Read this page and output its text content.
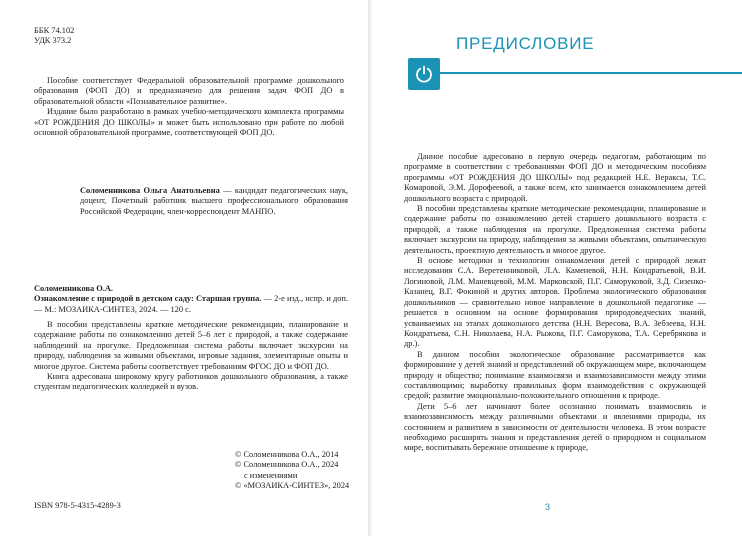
ББК 74.102

УДК 373.2

Пособие соответствует Федеральной образовательной программе дошкольного образования (ФОП ДО) и предназначено для решения задач ФОП ДО в образовательной области «Познавательное развитие».

Издание было разработано в рамках учебно-методического комплекта программы «ОТ РОЖДЕНИЯ ДО ШКОЛЫ» и может быть использовано при работе по любой основной образовательной программе, соответствующей ФОП ДО.

Соломенникова Ольга Анатольевна — кандидат педагогических наук, доцент, Почетный работник высшего профессионального образования Российской Федерации, член-корреспондент МАНПО.

Соломенникова О.А.

Ознакомление с природой в детском саду: Старшая группа. — 2-е изд., испр. и доп. — М.: МОЗАИКА-СИНТЕЗ, 2024. — 120 с.

В пособии представлены краткие методические рекомендации, планирование и содержание работы по ознакомлению детей 5–6 лет с природой, а также содержание наблюдений на прогулке. Предложенная система работы включает экскурсии на природу, наблюдения за живыми объектами, игровые задания, элементарные опыты и многое другое. Система работы соответствует требованиям ФГОС ДО и ФОП ДО.

Книга адресована широкому кругу работников дошкольного образования, а также студентам педагогических колледжей и вузов.

ISBN 978-5-4315-4289-3

© Соломенникова О.А., 2014

© Соломенникова О.А., 2024

с изменениями

© «МОЗАИКА-СИНТЕЗ», 2024

ПРЕДИСЛОВИЕ

Данное пособие адресовано в первую очередь педагогам, работающим по программе в соответствии с требованиями ФОП ДО и методическим пособиям программы «ОТ РОЖДЕНИЯ ДО ШКОЛЫ» под редакцией Н.Е. Вераксы, Т.С. Комаровой, Э.М. Дорофеевой, а также всем, кто занимается ознакомлением детей дошкольного возраста с природой.

В пособии представлены краткие методические рекомендации, планирование и содержание работы по ознакомлению детей старшего дошкольного возраста с природой, а также наблюдения на прогулке. Предложенная система работы включает экскурсии на природу, наблюдения за живыми объектами, опытническую деятельность, проектную деятельность и многое другое.

В основе методики и технологии ознакомления детей с природой лежат исследования С.А. Веретенниковой, Л.А. Каменевой, Н.Н. Кондратьевой, В.И. Логиновой, Л.М. Маневцевой, М.М. Марковской, П.Г. Саморуковой, З.Д. Сизенко-Казанец, В.Г. Фокиной и других авторов. Проблема экологического образования дошкольников — сравнительно новое направление в дошкольной педагогике — решается в основном на основе формирования природоведческих знаний, усваиваемых на этапах дошкольного детства (Н.Н. Вересова, В.А. Зебзеева, Н.Н. Кондратьева, С.Н. Николаева, Н.А. Рыжова, П.Г. Саморукова, Т.А. Серебрякова и др.).

В данном пособии экологическое образование рассматривается как формирование у детей знаний и представлений об окружающем мире, включающем природу и общество; понимание взаимосвязи и взаимозависимости между этими составляющими; выработку правильных форм взаимодействия с окружающей средой; развитие эмоционально-положительного отношения к природе.

Дети 5–6 лет начинают более осознанно понимать взаимосвязь и взаимозависимость между различными объектами и явлениями природы, их состоянием и развитием в зависимости от деятельности человека. В этом возрасте необходимо расширять знания и представления детей о природном и социальном мире, воспитывать бережное отношение к природе,

3
